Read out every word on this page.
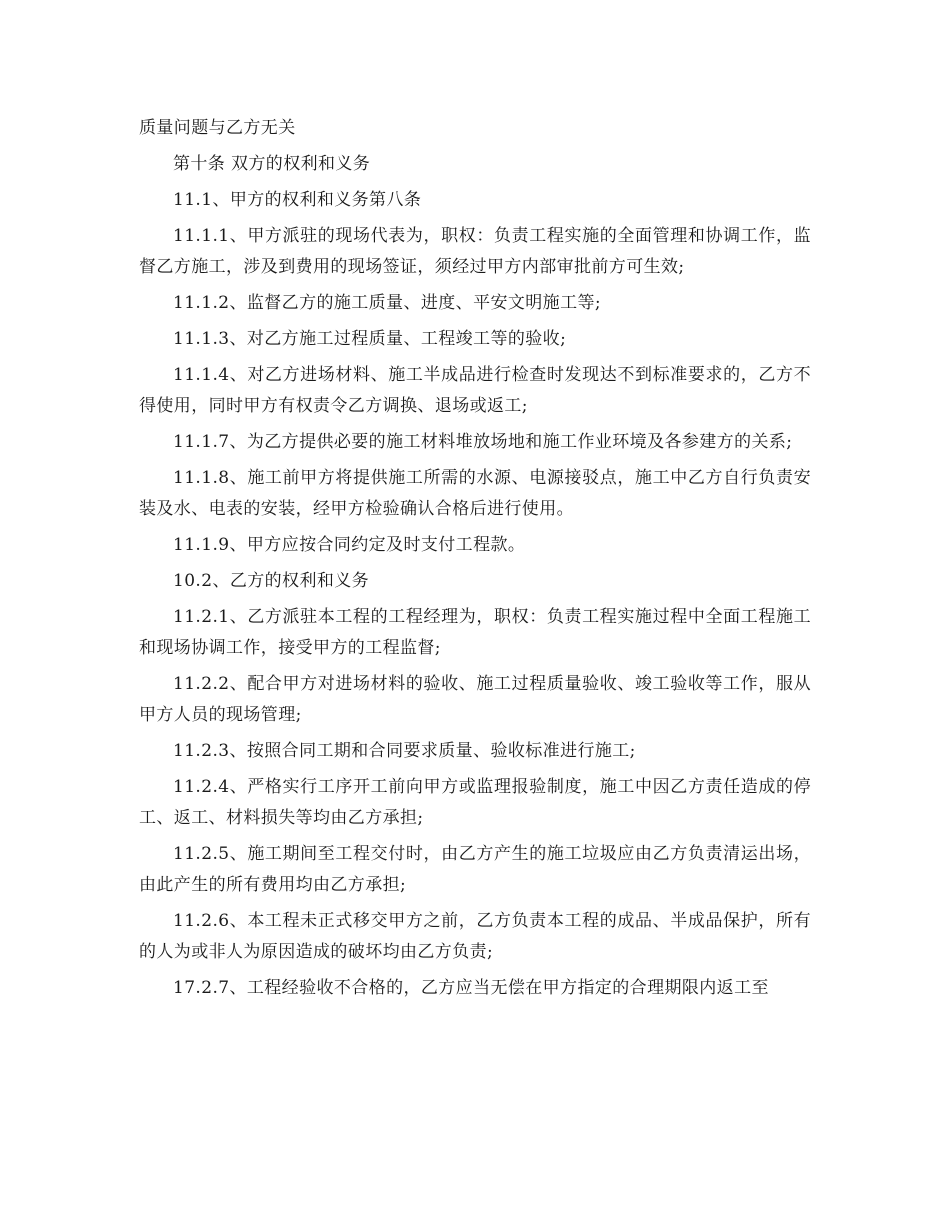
质量问题与乙方无关

第十条 双方的权利和义务

11.1、甲方的权利和义务第八条

11.1.1、甲方派驻的现场代表为，职权：负责工程实施的全面管理和协调工作，监督乙方施工，涉及到费用的现场签证，须经过甲方内部审批前方可生效;

11.1.2、监督乙方的施工质量、进度、平安文明施工等;

11.1.3、对乙方施工过程质量、工程竣工等的验收;

11.1.4、对乙方进场材料、施工半成品进行检查时发现达不到标准要求的，乙方不得使用，同时甲方有权责令乙方调换、退场或返工;

11.1.7、为乙方提供必要的施工材料堆放场地和施工作业环境及各参建方的关系;

11.1.8、施工前甲方将提供施工所需的水源、电源接驳点，施工中乙方自行负责安装及水、电表的安装，经甲方检验确认合格后进行使用。

11.1.9、甲方应按合同约定及时支付工程款。

10.2、乙方的权利和义务

11.2.1、乙方派驻本工程的工程经理为，职权：负责工程实施过程中全面工程施工和现场协调工作，接受甲方的工程监督;

11.2.2、配合甲方对进场材料的验收、施工过程质量验收、竣工验收等工作，服从甲方人员的现场管理;

11.2.3、按照合同工期和合同要求质量、验收标准进行施工;

11.2.4、严格实行工序开工前向甲方或监理报验制度，施工中因乙方责任造成的停工、返工、材料损失等均由乙方承担;

11.2.5、施工期间至工程交付时，由乙方产生的施工垃圾应由乙方负责清运出场，由此产生的所有费用均由乙方承担;

11.2.6、本工程未正式移交甲方之前，乙方负责本工程的成品、半成品保护，所有的人为或非人为原因造成的破坏均由乙方负责;

17.2.7、工程经验收不合格的，乙方应当无偿在甲方指定的合理期限内返工至
